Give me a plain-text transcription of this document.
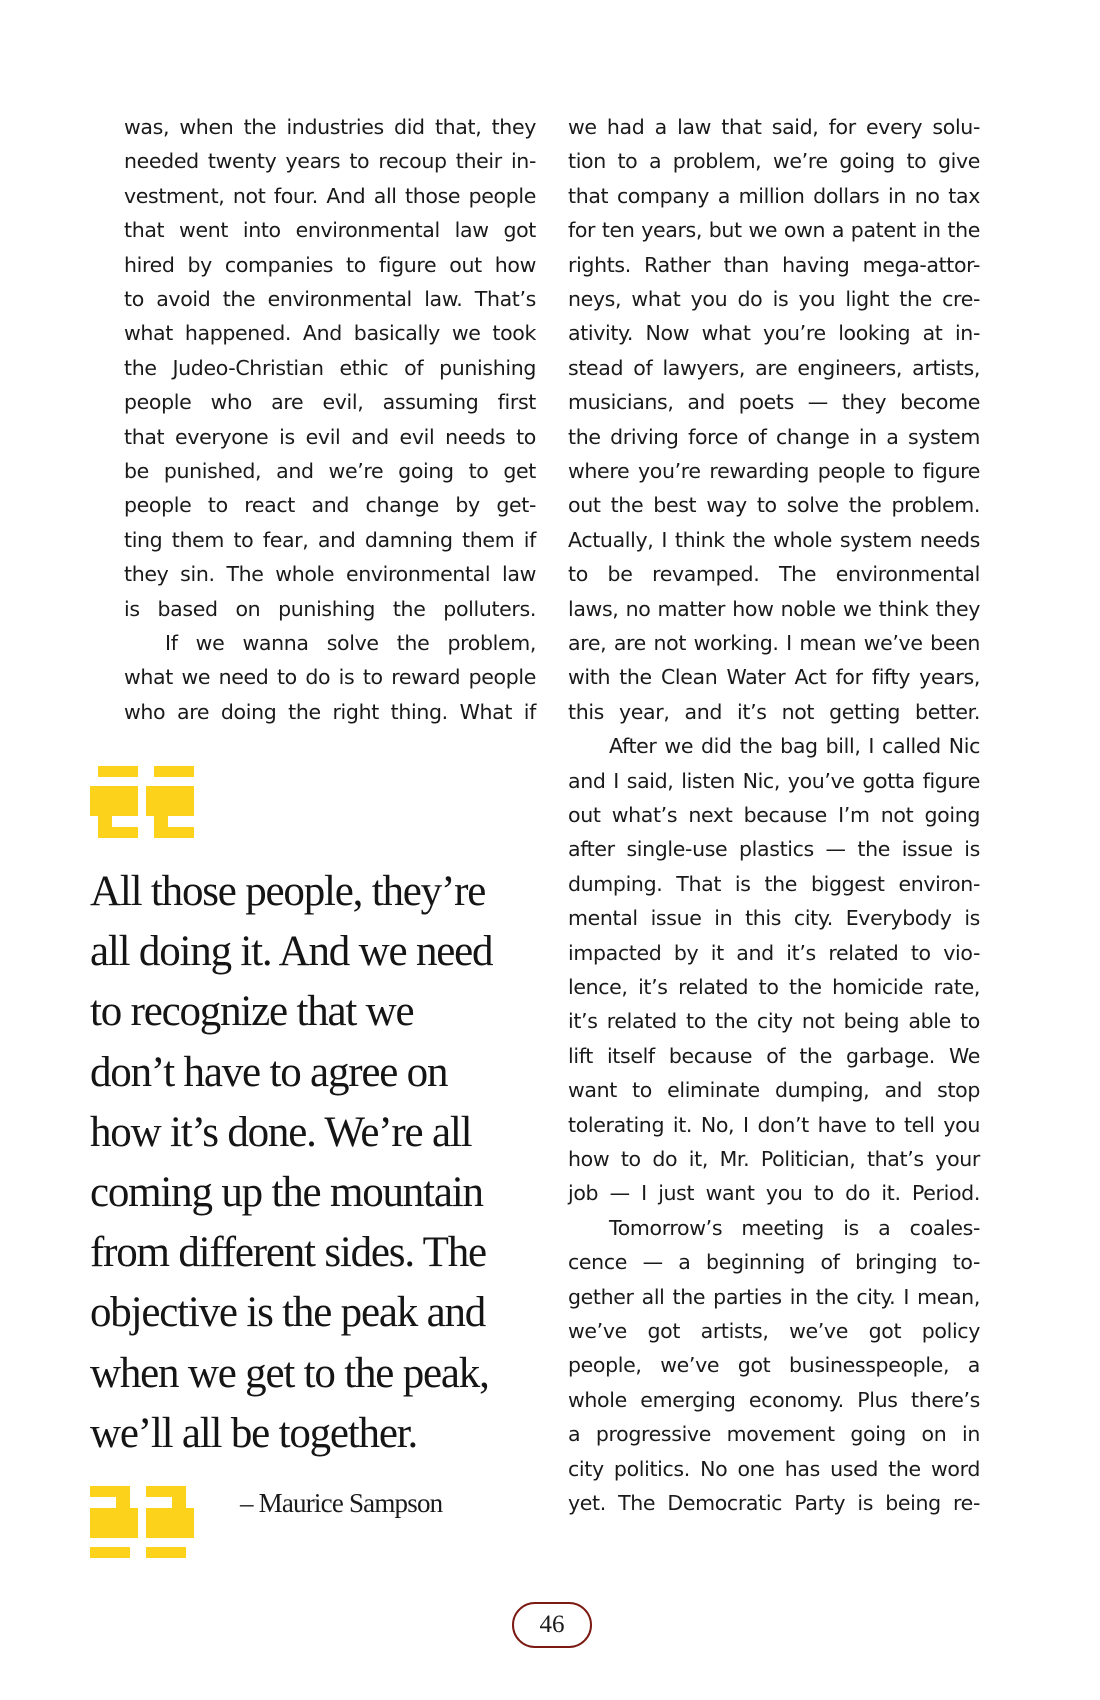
was, when the industries did that, they
needed twenty years to recoup their in-
vestment, not four. And all those people
that went into environmental law got
hired by companies to figure out how
to avoid the environmental law. That’s
what happened. And basically we took
the Judeo-Christian ethic of punishing
people who are evil, assuming first
that everyone is evil and evil needs to
be punished, and we’re going to get
people to react and change by get-
ting them to fear, and damning them if
they sin. The whole environmental law
is based on punishing the polluters.
If we wanna solve the problem,
what we need to do is to reward people
who are doing the right thing. What if
All those people, they’re
all doing it. And we need
to recognize that we
don’t have to agree on
how it’s done. We’re all
coming up the mountain
from different sides. The
objective is the peak and
when we get to the peak,
we’ll all be together.
– Maurice Sampson
we had a law that said, for every solu-
tion to a problem, we’re going to give
that company a million dollars in no tax
for ten years, but we own a patent in the
rights. Rather than having mega-attor-
neys, what you do is you light the cre-
ativity. Now what you’re looking at in-
stead of lawyers, are engineers, artists,
musicians, and poets — they become
the driving force of change in a system
where you’re rewarding people to figure
out the best way to solve the problem.
Actually, I think the whole system needs
to be revamped. The environmental
laws, no matter how noble we think they
are, are not working. I mean we’ve been
with the Clean Water Act for fifty years,
this year, and it’s not getting better.
After we did the bag bill, I called Nic
and I said, listen Nic, you’ve gotta figure
out what’s next because I’m not going
after single-use plastics — the issue is
dumping. That is the biggest environ-
mental issue in this city. Everybody is
impacted by it and it’s related to vio-
lence, it’s related to the homicide rate,
it’s related to the city not being able to
lift itself because of the garbage. We
want to eliminate dumping, and stop
tolerating it. No, I don’t have to tell you
how to do it, Mr. Politician, that’s your
job — I just want you to do it. Period.
Tomorrow’s meeting is a coales-
cence — a beginning of bringing to-
gether all the parties in the city. I mean,
we’ve got artists, we’ve got policy
people, we’ve got businesspeople, a
whole emerging economy. Plus there’s
a progressive movement going on in
city politics. No one has used the word
yet. The Democratic Party is being re-
46
